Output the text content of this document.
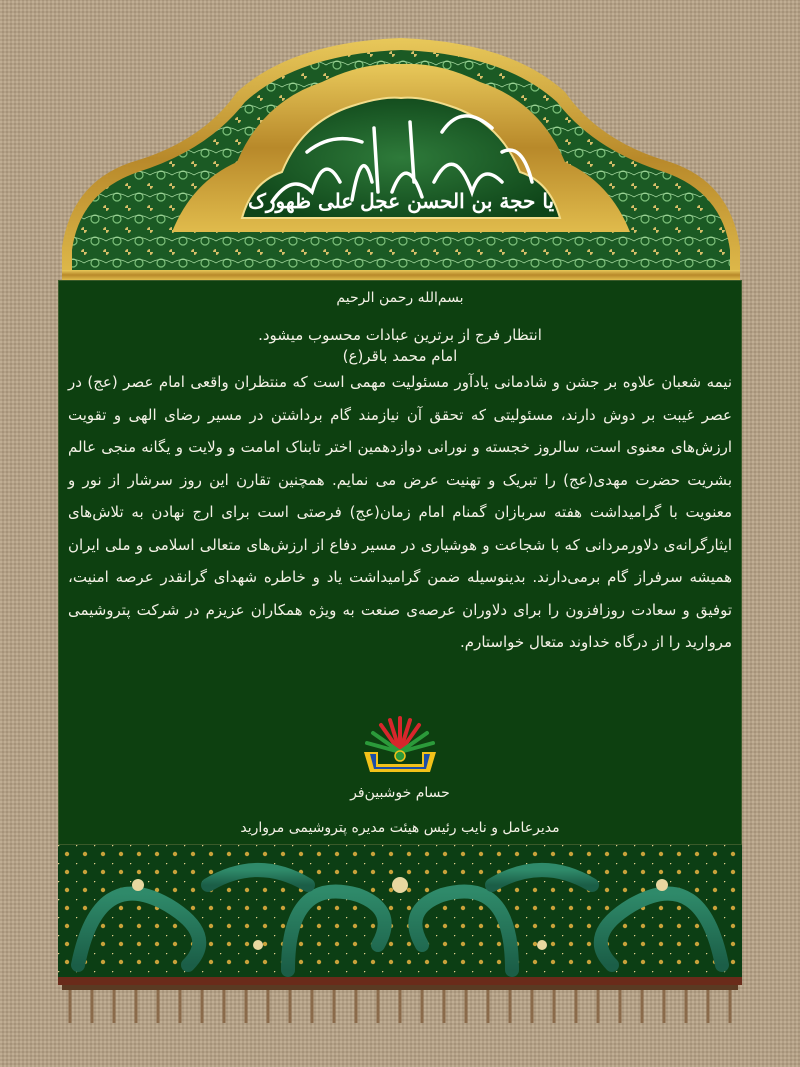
یا حجة بن الحسن عجل علی ظهورک
بسم‌الله رحمن الرحیم
انتظار فرج از برترین عبادات محسوب میشود.
امام محمد باقر(ع)

نیمه شعبان علاوه بر جشن و شادمانی یادآور مسئولیت مهمی است که منتظران واقعی امام عصر (عج) در عصر غیبت بر دوش دارند، مسئولیتی که تحقق آن نیازمند گام برداشتن در مسیر رضای الهی و تقویت ارزش‌های معنوی است، سالروز خجسته و نورانی دوازدهمین اختر تابناک امامت و ولایت و یگانه منجی عالم بشریت حضرت مهدی(عج) را تبریک و تهنیت عرض می نمایم. همچنین تقارن این روز سرشار از نور و معنویت با گرامیداشت هفته سربازان گمنام امام زمان(عج) فرصتی است برای ارج نهادن به تلاش‌های ایثارگرانه‌ی دلاورمردانی که با شجاعت و هوشیاری در مسیر دفاع از ارزش‌های متعالی اسلامی و ملی ایران همیشه سرفراز گام برمی‌دارند. بدینوسیله ضمن گرامیداشت یاد و خاطره شهدای گرانقدر عرصه امنیت، توفیق و سعادت روزافزون را برای دلاوران عرصه‌ی صنعت به ویژه همکاران عزیزم در شرکت پتروشیمی مروارید را از درگاه خداوند متعال خواستارم.

حسام خوشبین‌فر
مدیرعامل و نایب رئیس هیئت مدیره پتروشیمی مروارید
